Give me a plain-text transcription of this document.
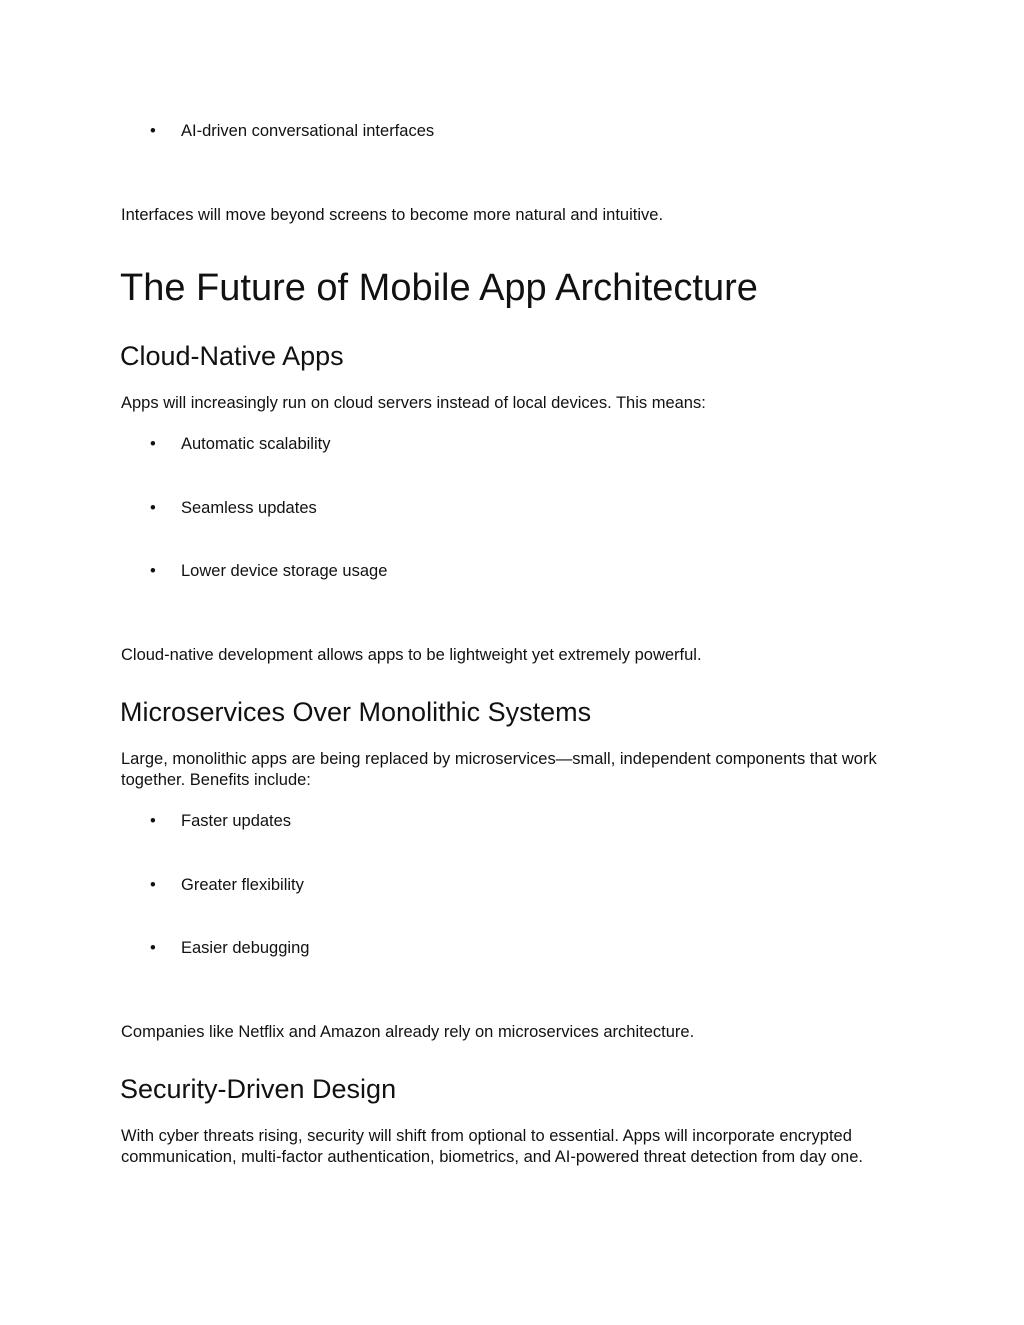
• AI-driven conversational interfaces

Interfaces will move beyond screens to become more natural and intuitive.

The Future of Mobile App Architecture
Cloud-Native Apps

Apps will increasingly run on cloud servers instead of local devices. This means:

• Automatic scalability
• Seamless updates
• Lower device storage usage

Cloud-native development allows apps to be lightweight yet extremely powerful.

Microservices Over Monolithic Systems

Large, monolithic apps are being replaced by microservices—small, independent components that work together. Benefits include:

• Faster updates
• Greater flexibility
• Easier debugging

Companies like Netflix and Amazon already rely on microservices architecture.

Security-Driven Design

With cyber threats rising, security will shift from optional to essential. Apps will incorporate encrypted communication, multi-factor authentication, biometrics, and AI-powered threat detection from day one.
